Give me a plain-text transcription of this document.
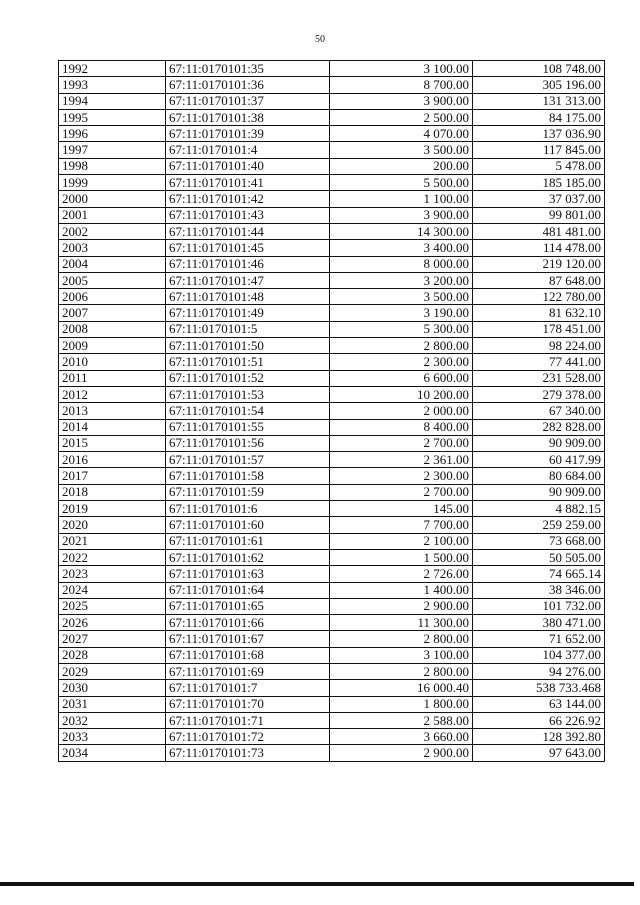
50
1992	67:11:0170101:35	3 100.00	108 748.00
1993	67:11:0170101:36	8 700.00	305 196.00
1994	67:11:0170101:37	3 900.00	131 313.00
1995	67:11:0170101:38	2 500.00	84 175.00
1996	67:11:0170101:39	4 070.00	137 036.90
1997	67:11:0170101:4	3 500.00	117 845.00
1998	67:11:0170101:40	200.00	5 478.00
1999	67:11:0170101:41	5 500.00	185 185.00
2000	67:11:0170101:42	1 100.00	37 037.00
2001	67:11:0170101:43	3 900.00	99 801.00
2002	67:11:0170101:44	14 300.00	481 481.00
2003	67:11:0170101:45	3 400.00	114 478.00
2004	67:11:0170101:46	8 000.00	219 120.00
2005	67:11:0170101:47	3 200.00	87 648.00
2006	67:11:0170101:48	3 500.00	122 780.00
2007	67:11:0170101:49	3 190.00	81 632.10
2008	67:11:0170101:5	5 300.00	178 451.00
2009	67:11:0170101:50	2 800.00	98 224.00
2010	67:11:0170101:51	2 300.00	77 441.00
2011	67:11:0170101:52	6 600.00	231 528.00
2012	67:11:0170101:53	10 200.00	279 378.00
2013	67:11:0170101:54	2 000.00	67 340.00
2014	67:11:0170101:55	8 400.00	282 828.00
2015	67:11:0170101:56	2 700.00	90 909.00
2016	67:11:0170101:57	2 361.00	60 417.99
2017	67:11:0170101:58	2 300.00	80 684.00
2018	67:11:0170101:59	2 700.00	90 909.00
2019	67:11:0170101:6	145.00	4 882.15
2020	67:11:0170101:60	7 700.00	259 259.00
2021	67:11:0170101:61	2 100.00	73 668.00
2022	67:11:0170101:62	1 500.00	50 505.00
2023	67:11:0170101:63	2 726.00	74 665.14
2024	67:11:0170101:64	1 400.00	38 346.00
2025	67:11:0170101:65	2 900.00	101 732.00
2026	67:11:0170101:66	11 300.00	380 471.00
2027	67:11:0170101:67	2 800.00	71 652.00
2028	67:11:0170101:68	3 100.00	104 377.00
2029	67:11:0170101:69	2 800.00	94 276.00
2030	67:11:0170101:7	16 000.40	538 733.468
2031	67:11:0170101:70	1 800.00	63 144.00
2032	67:11:0170101:71	2 588.00	66 226.92
2033	67:11:0170101:72	3 660.00	128 392.80
2034	67:11:0170101:73	2 900.00	97 643.00
